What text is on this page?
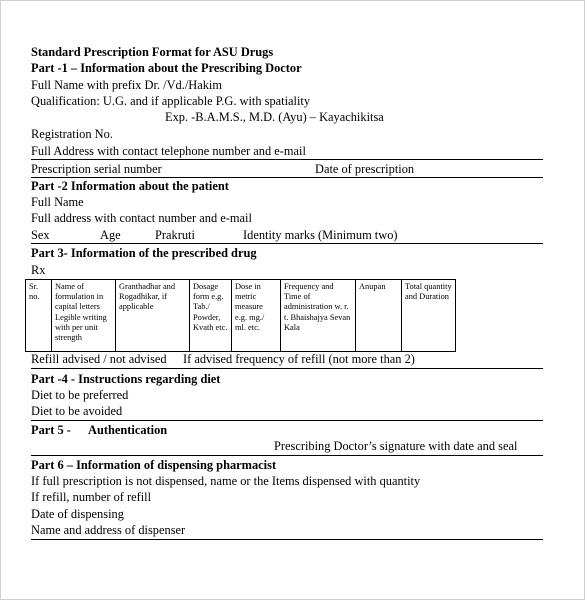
Standard Prescription Format for ASU Drugs
Part -1 – Information about the Prescribing Doctor
Full Name with prefix Dr. /Vd./Hakim
Qualification: U.G. and if applicable P.G. with spatiality
Exp. -B.A.M.S., M.D. (Ayu) – Kayachikitsa
Registration No.
Full Address with contact telephone number and e-mail
Prescription serial number	Date of prescription
Part -2 Information about the patient
Full Name
Full address with contact number and e-mail
Sex	Age	Prakruti	Identity marks (Minimum two)
Part 3- Information of the prescribed drug
Rx
Sr. no.	Name of formulation in capital letters Legible writing with per unit strength	Granthadhar and Rogadhikar, if applicable	Dosage form e.g. Tab./ Powder, Kvath etc.	Dose in metric measure e.g. mg./ ml. etc.	Frequency and Time of administration w. r. t. Bhaishajya Sevan Kala	Anupan	Total quantity and Duration
Refill advised / not advised If advised frequency of refill (not more than 2)
Part -4 - Instructions regarding diet
Diet to be preferred
Diet to be avoided
Part 5 - Authentication
Prescribing Doctor’s signature with date and seal
Part 6 – Information of dispensing pharmacist
If full prescription is not dispensed, name or the Items dispensed with quantity
If refill, number of refill
Date of dispensing
Name and address of dispenser
